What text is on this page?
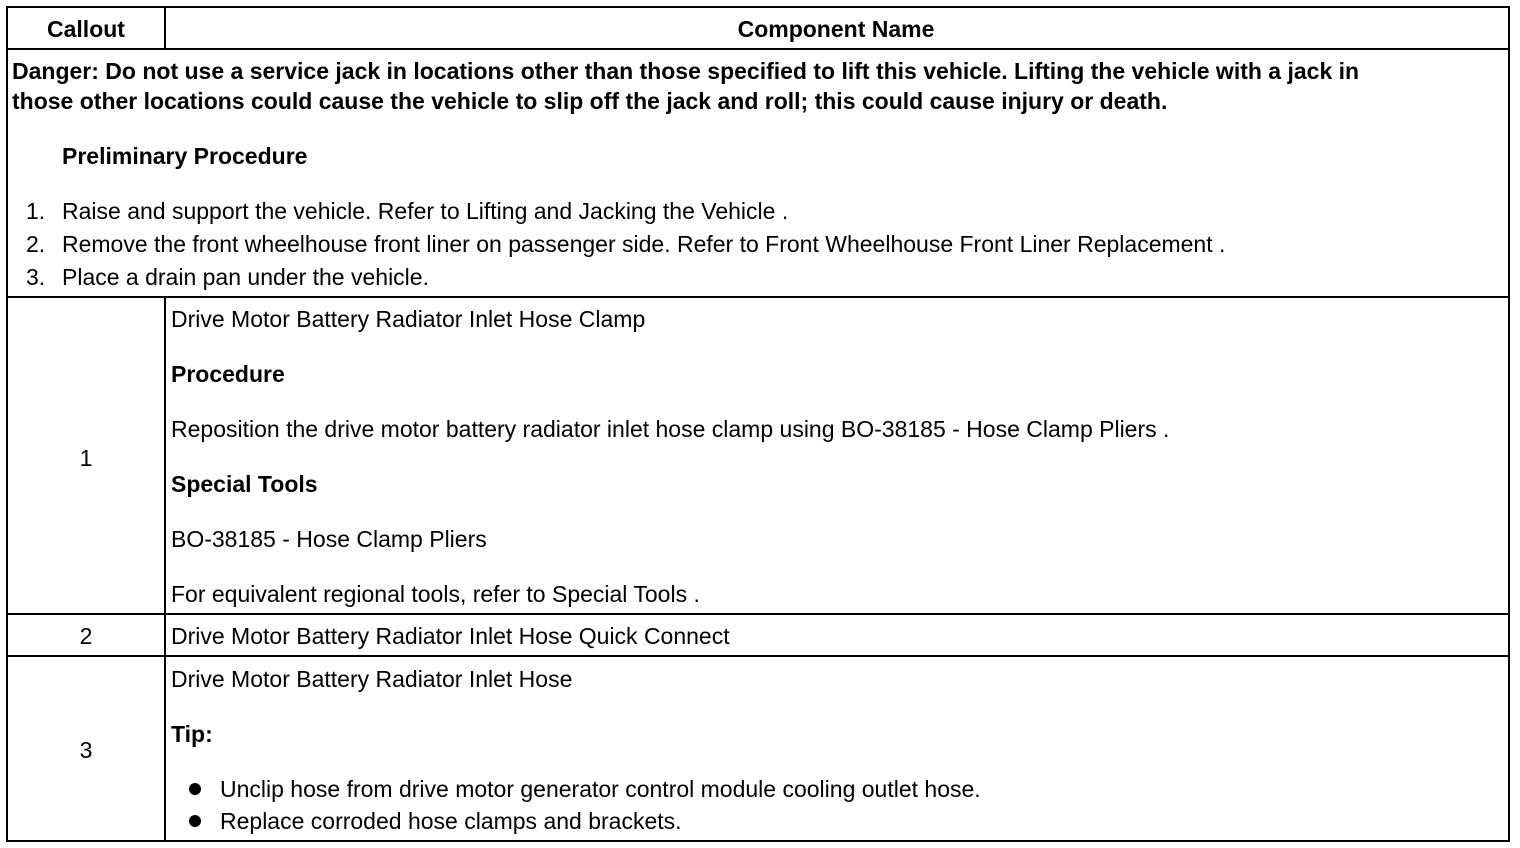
Callout	Component Name
Danger: Do not use a service jack in locations other than those specified to lift this vehicle. Lifting the vehicle with a jack in
those other locations could cause the vehicle to slip off the jack and roll; this could cause injury or death.
Preliminary Procedure
1. Raise and support the vehicle. Refer to Lifting and Jacking the Vehicle .
2. Remove the front wheelhouse front liner on passenger side. Refer to Front Wheelhouse Front Liner Replacement .
3. Place a drain pan under the vehicle.
1
Drive Motor Battery Radiator Inlet Hose Clamp
Procedure
Reposition the drive motor battery radiator inlet hose clamp using BO-38185 - Hose Clamp Pliers .
Special Tools
BO-38185 - Hose Clamp Pliers
For equivalent regional tools, refer to Special Tools .
2	Drive Motor Battery Radiator Inlet Hose Quick Connect
3
Drive Motor Battery Radiator Inlet Hose
Tip:
Unclip hose from drive motor generator control module cooling outlet hose.
Replace corroded hose clamps and brackets.
